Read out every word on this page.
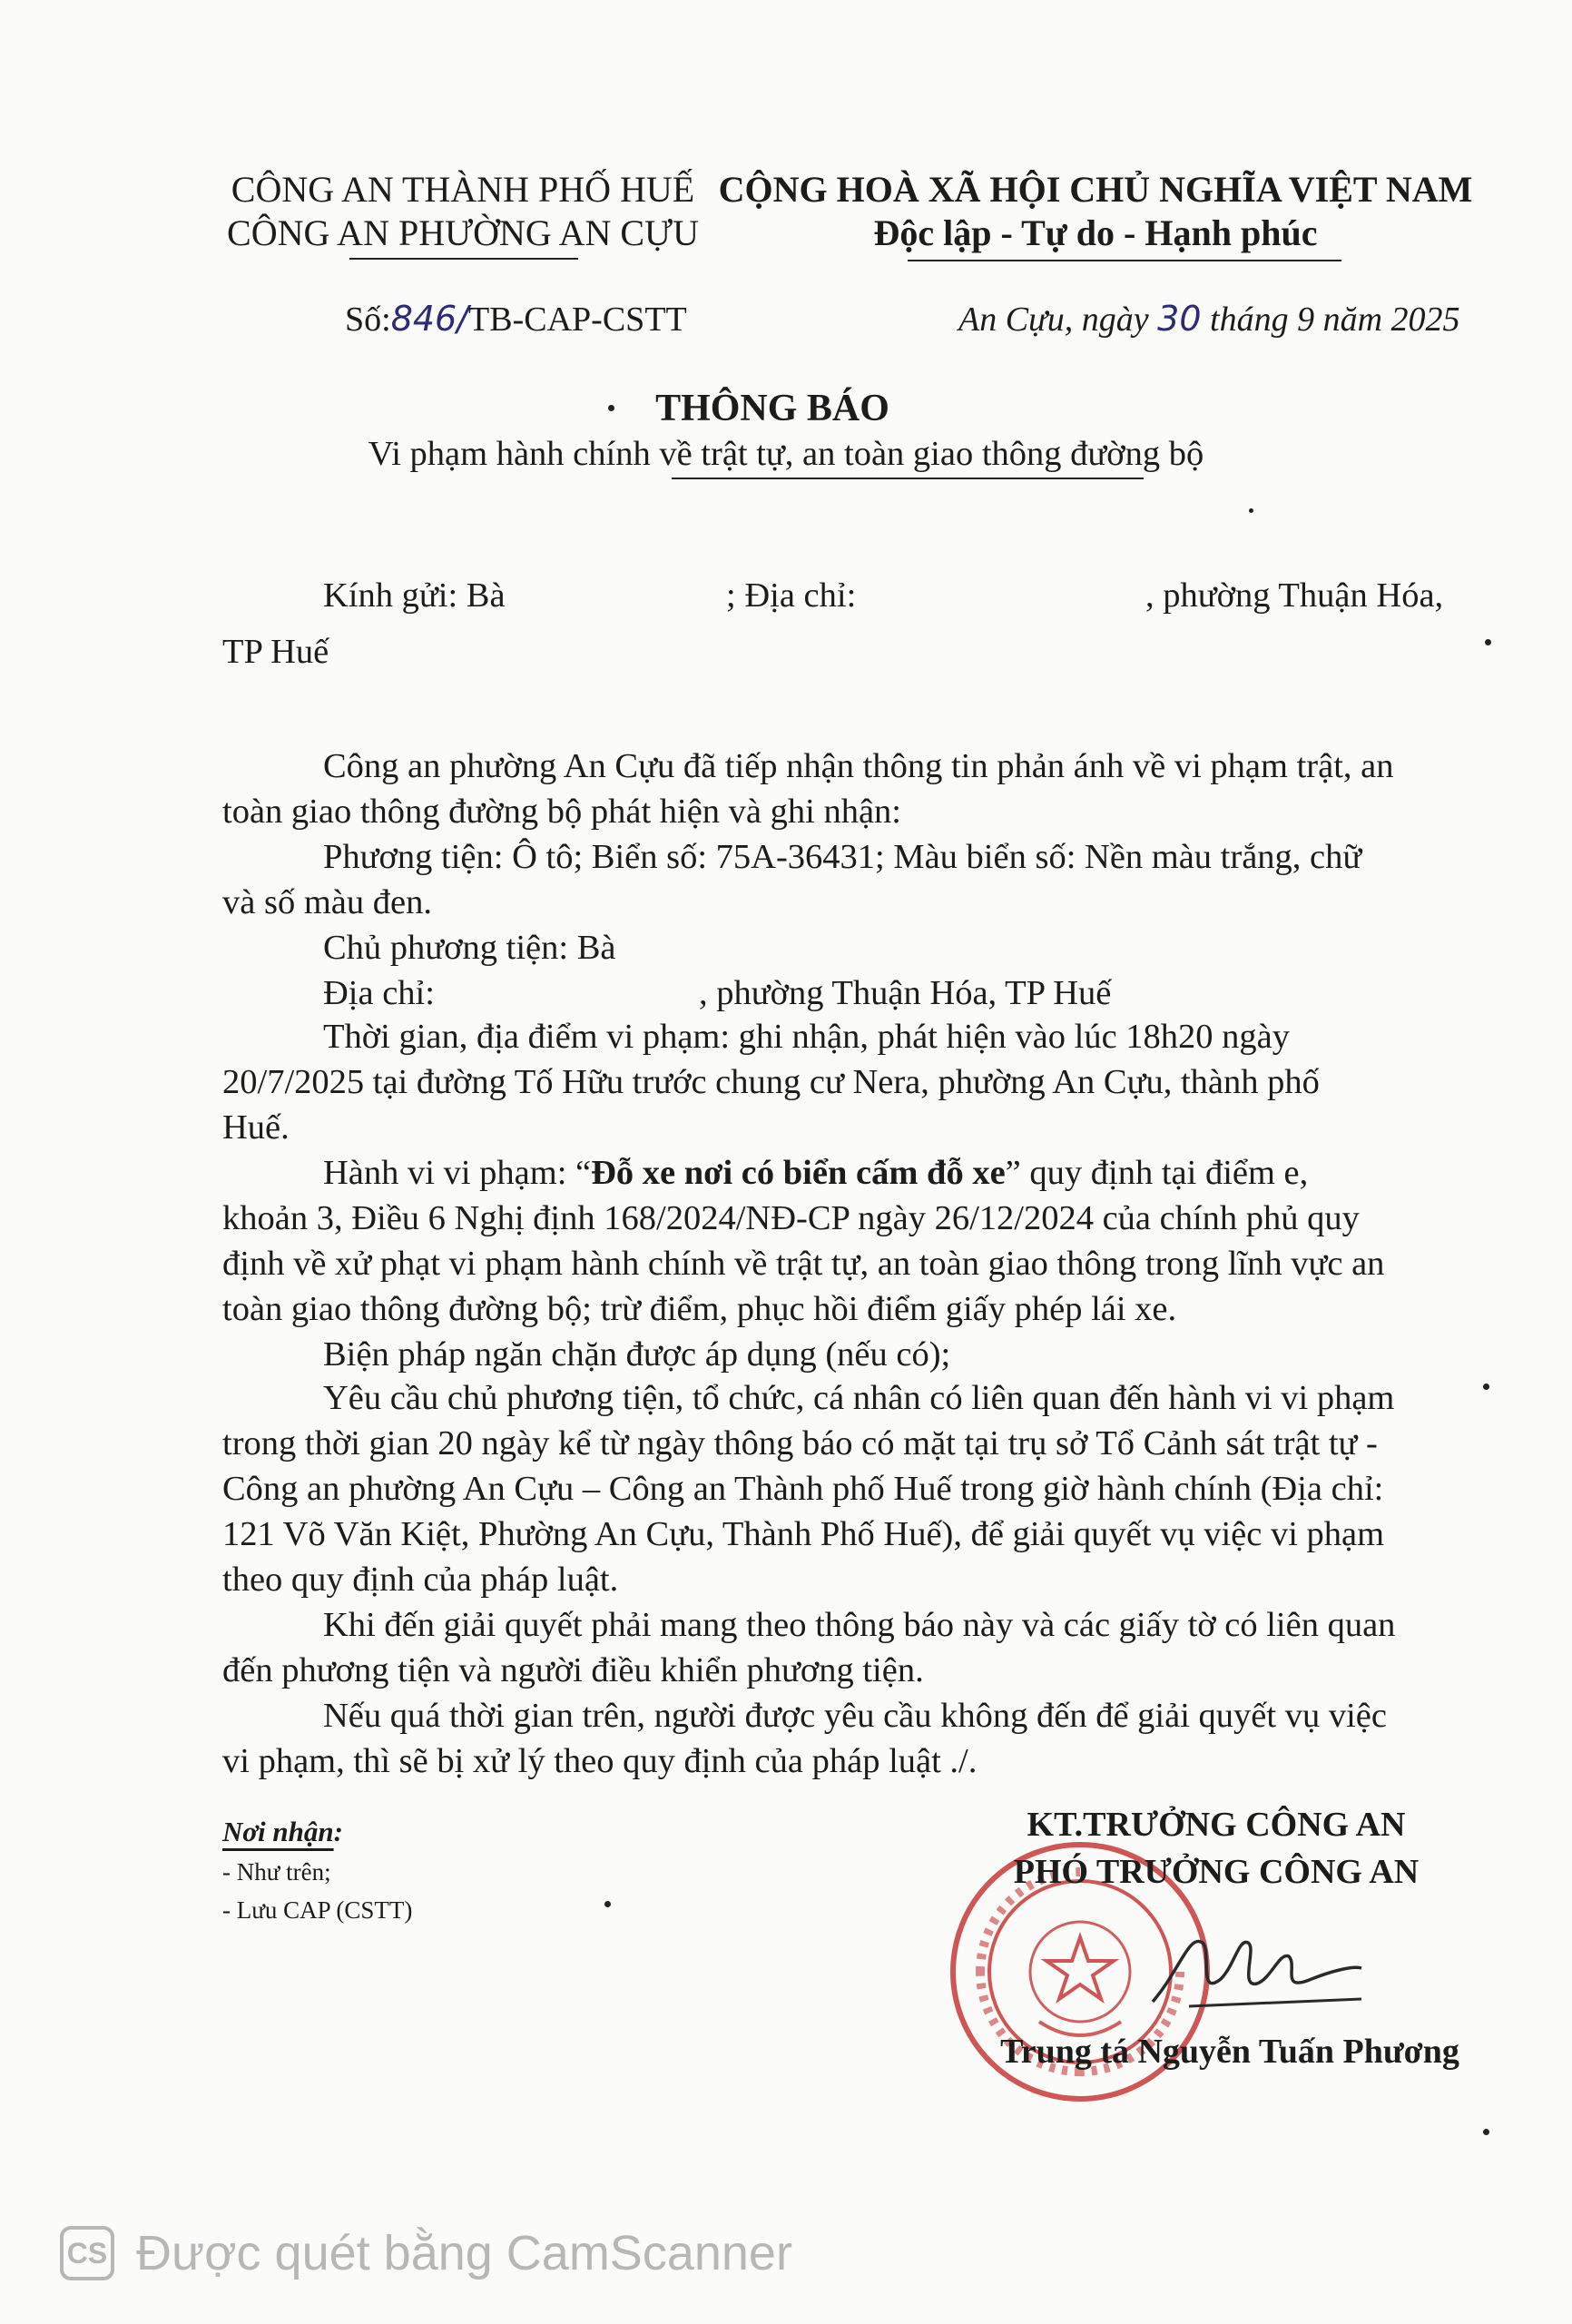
CÔNG AN THÀNH PHỐ HUẾ
CÔNG AN PHƯỜNG AN CỰU
CỘNG HOÀ XÃ HỘI CHỦ NGHĨA VIỆT NAM
Độc lập - Tự do - Hạnh phúc
Số:846/TB-CAP-CSTT	An Cựu, ngày 30 tháng 9 năm 2025
THÔNG BÁO
Vi phạm hành chính về trật tự, an toàn giao thông đường bộ
Kính gửi: Bà	; Địa chỉ:	, phường Thuận Hóa,
TP Huế
Công an phường An Cựu đã tiếp nhận thông tin phản ánh về vi phạm trật, an
toàn giao thông đường bộ phát hiện và ghi nhận:
Phương tiện: Ô tô; Biển số: 75A-36431; Màu biển số: Nền màu trắng, chữ
và số màu đen.
Chủ phương tiện: Bà
Địa chỉ:	, phường Thuận Hóa, TP Huế
Thời gian, địa điểm vi phạm: ghi nhận, phát hiện vào lúc 18h20 ngày
20/7/2025 tại đường Tố Hữu trước chung cư Nera, phường An Cựu, thành phố
Huế.
Hành vi vi phạm: “Đỗ xe nơi có biển cấm đỗ xe” quy định tại điểm e,
khoản 3, Điều 6 Nghị định 168/2024/NĐ-CP ngày 26/12/2024 của chính phủ quy
định về xử phạt vi phạm hành chính về trật tự, an toàn giao thông trong lĩnh vực an
toàn giao thông đường bộ; trừ điểm, phục hồi điểm giấy phép lái xe.
Biện pháp ngăn chặn được áp dụng (nếu có);
Yêu cầu chủ phương tiện, tổ chức, cá nhân có liên quan đến hành vi vi phạm
trong thời gian 20 ngày kể từ ngày thông báo có mặt tại trụ sở Tổ Cảnh sát trật tự -
Công an phường An Cựu – Công an Thành phố Huế trong giờ hành chính (Địa chỉ:
121 Võ Văn Kiệt, Phường An Cựu, Thành Phố Huế), để giải quyết vụ việc vi phạm
theo quy định của pháp luật.
Khi đến giải quyết phải mang theo thông báo này và các giấy tờ có liên quan
đến phương tiện và người điều khiển phương tiện.
Nếu quá thời gian trên, người được yêu cầu không đến để giải quyết vụ việc
vi phạm, thì sẽ bị xử lý theo quy định của pháp luật ./.
Nơi nhận:
- Như trên;
- Lưu CAP (CSTT)
KT.TRƯỞNG CÔNG AN
PHÓ TRƯỞNG CÔNG AN
Trung tá Nguyễn Tuấn Phương
CS Được quét bằng CamScanner
